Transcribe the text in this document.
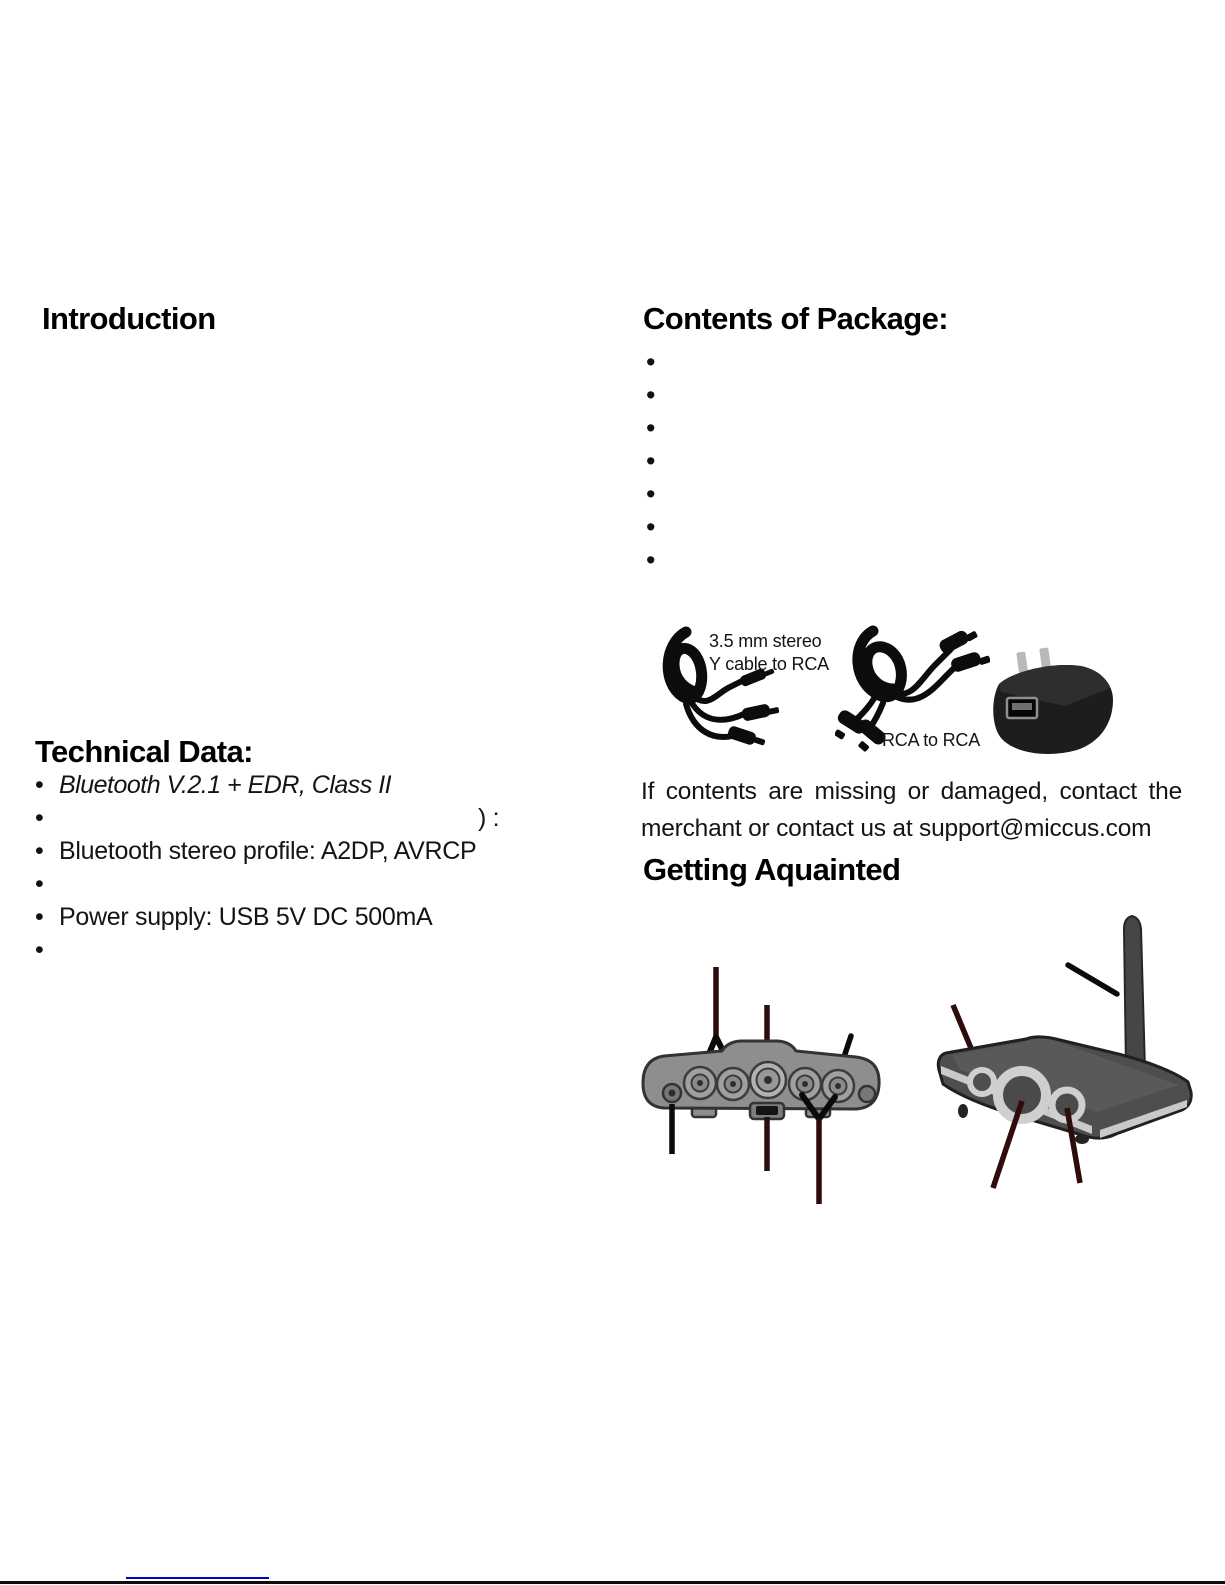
Introduction
Technical Data:
• Bluetooth V.2.1 + EDR, Class II
•	) :
• Bluetooth stereo profile: A2DP, AVRCP
•
• Power supply: USB 5V DC 500mA
•
Contents of Package:
•
•
•
•
•
•
•
3.5 mm stereo
Y cable to RCA
RCA to RCA
If contents are missing or damaged, contact the
merchant or contact us at support@miccus.com
Getting Aquainted
